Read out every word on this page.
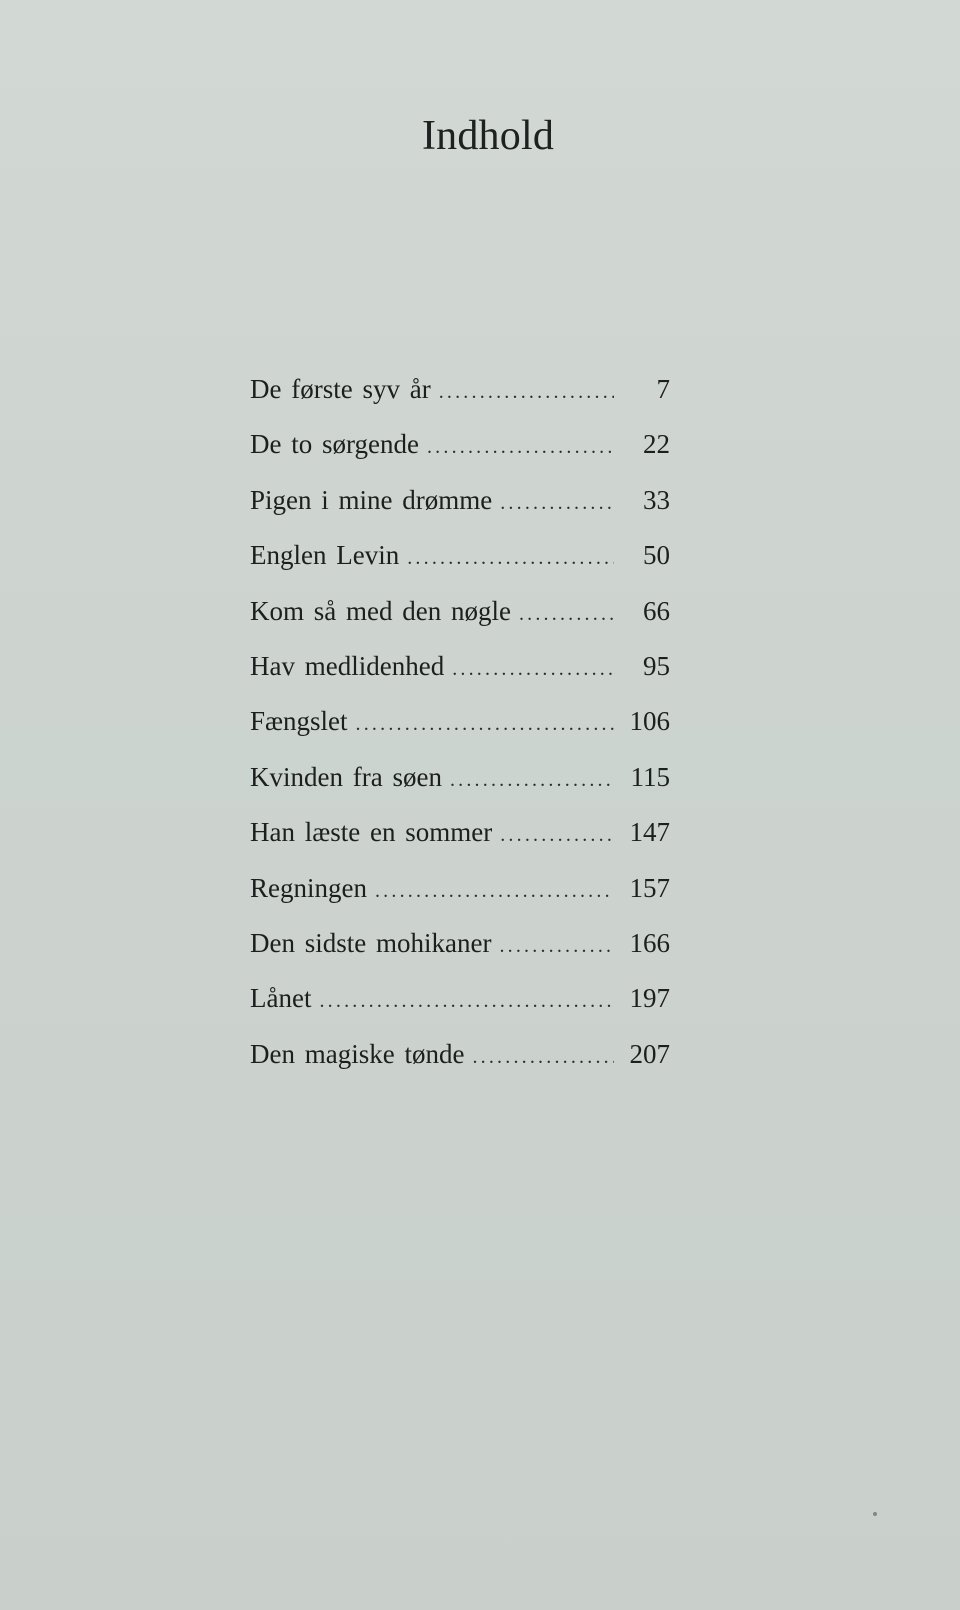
Indhold
De første syv år .....	7
De to sørgende .....	22
Pigen i mine drømme .....	33
Englen Levin .....	50
Kom så med den nøgle .....	66
Hav medlidenhed .....	95
Fængslet .....	106
Kvinden fra søen .....	115
Han læste en sommer .....	147
Regningen .....	157
Den sidste mohikaner .....	166
Lånet .....	197
Den magiske tønde .....	207
